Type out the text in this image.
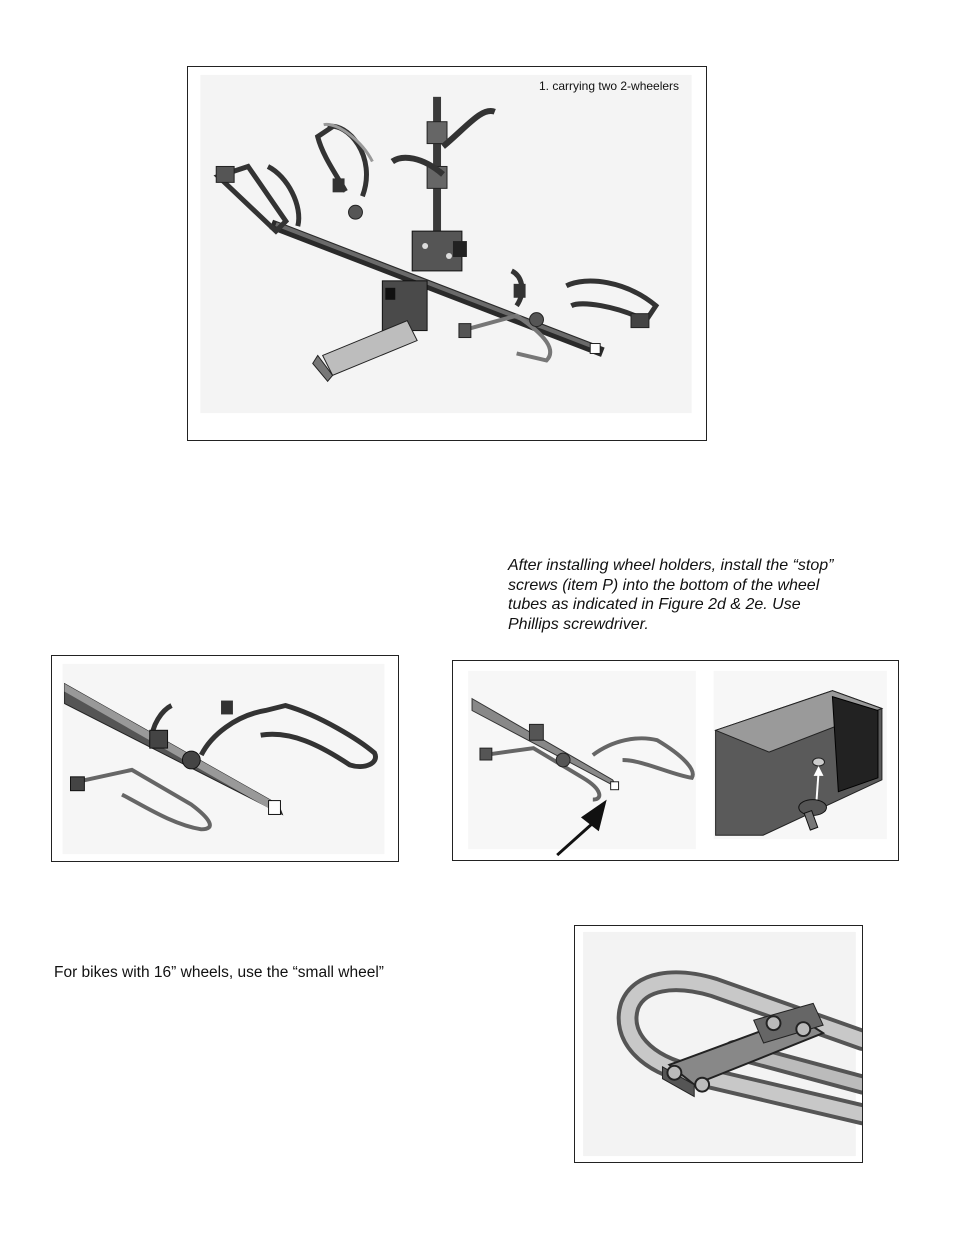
1. carrying two 2-wheelers
After installing wheel holders, install the “stop”
screws (item P) into the bottom of the wheel
tubes as indicated in Figure 2d & 2e. Use
Phillips screwdriver.
For bikes with 16” wheels, use the “small wheel”
